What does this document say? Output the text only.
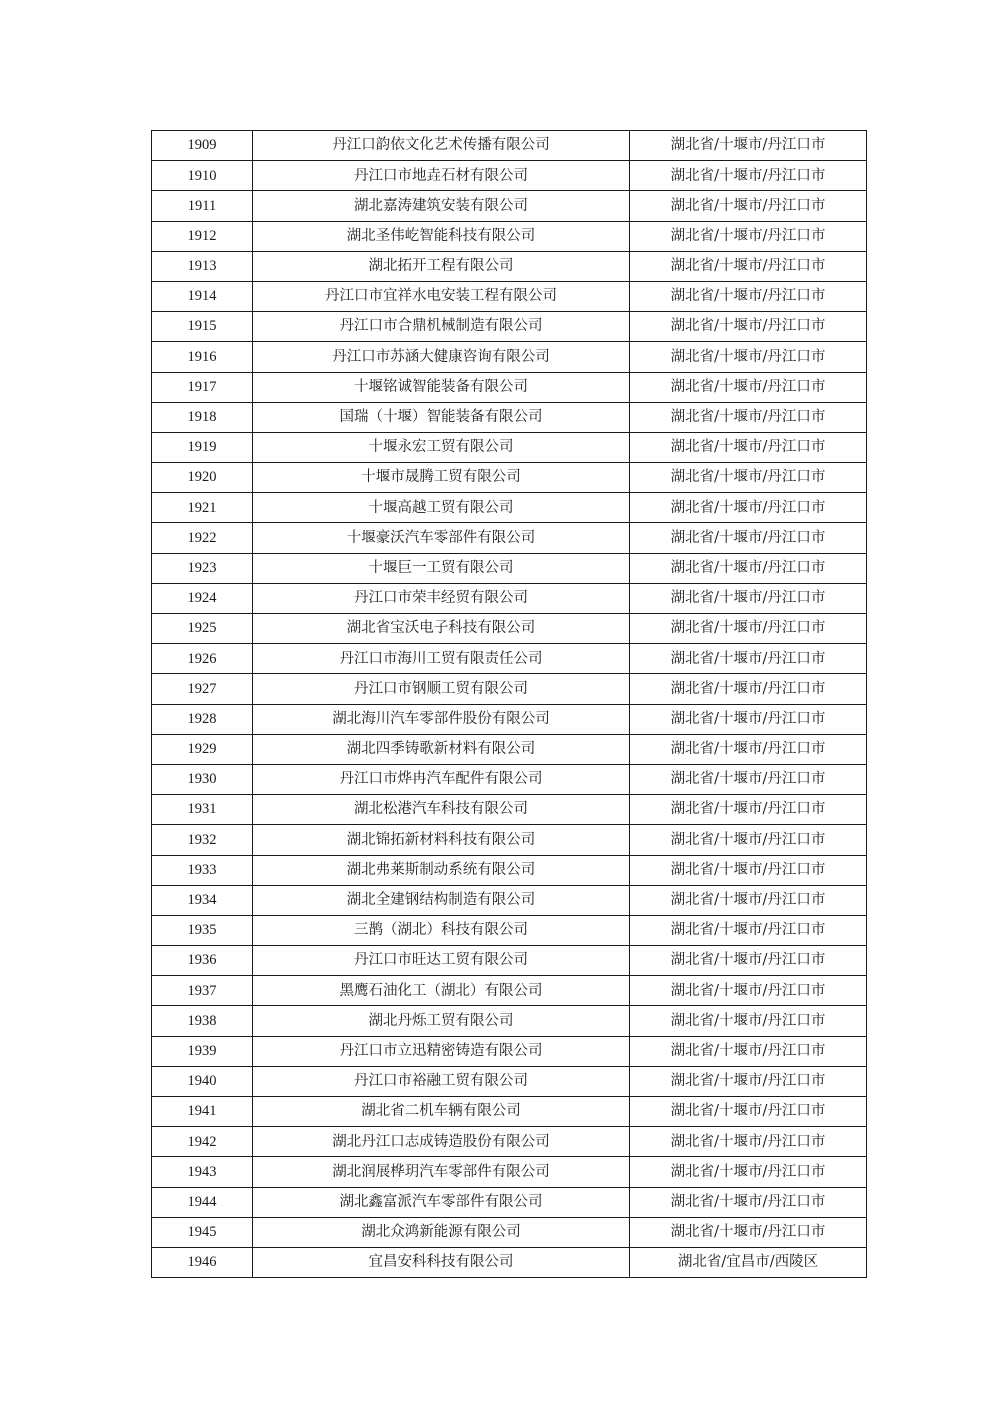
1909	丹江口韵依文化艺术传播有限公司	湖北省/十堰市/丹江口市
1910	丹江口市地垚石材有限公司	湖北省/十堰市/丹江口市
1911	湖北嘉涛建筑安装有限公司	湖北省/十堰市/丹江口市
1912	湖北圣伟屹智能科技有限公司	湖北省/十堰市/丹江口市
1913	湖北拓开工程有限公司	湖北省/十堰市/丹江口市
1914	丹江口市宜祥水电安装工程有限公司	湖北省/十堰市/丹江口市
1915	丹江口市合鼎机械制造有限公司	湖北省/十堰市/丹江口市
1916	丹江口市苏涵大健康咨询有限公司	湖北省/十堰市/丹江口市
1917	十堰铭诚智能装备有限公司	湖北省/十堰市/丹江口市
1918	国瑞（十堰）智能装备有限公司	湖北省/十堰市/丹江口市
1919	十堰永宏工贸有限公司	湖北省/十堰市/丹江口市
1920	十堰市晟腾工贸有限公司	湖北省/十堰市/丹江口市
1921	十堰高越工贸有限公司	湖北省/十堰市/丹江口市
1922	十堰豪沃汽车零部件有限公司	湖北省/十堰市/丹江口市
1923	十堰巨一工贸有限公司	湖北省/十堰市/丹江口市
1924	丹江口市荣丰经贸有限公司	湖北省/十堰市/丹江口市
1925	湖北省宝沃电子科技有限公司	湖北省/十堰市/丹江口市
1926	丹江口市海川工贸有限责任公司	湖北省/十堰市/丹江口市
1927	丹江口市钢顺工贸有限公司	湖北省/十堰市/丹江口市
1928	湖北海川汽车零部件股份有限公司	湖北省/十堰市/丹江口市
1929	湖北四季铸歌新材料有限公司	湖北省/十堰市/丹江口市
1930	丹江口市烨冉汽车配件有限公司	湖北省/十堰市/丹江口市
1931	湖北松港汽车科技有限公司	湖北省/十堰市/丹江口市
1932	湖北锦拓新材料科技有限公司	湖北省/十堰市/丹江口市
1933	湖北弗莱斯制动系统有限公司	湖北省/十堰市/丹江口市
1934	湖北全建钢结构制造有限公司	湖北省/十堰市/丹江口市
1935	三鹊（湖北）科技有限公司	湖北省/十堰市/丹江口市
1936	丹江口市旺达工贸有限公司	湖北省/十堰市/丹江口市
1937	黑鹰石油化工（湖北）有限公司	湖北省/十堰市/丹江口市
1938	湖北丹烁工贸有限公司	湖北省/十堰市/丹江口市
1939	丹江口市立迅精密铸造有限公司	湖北省/十堰市/丹江口市
1940	丹江口市裕融工贸有限公司	湖北省/十堰市/丹江口市
1941	湖北省二机车辆有限公司	湖北省/十堰市/丹江口市
1942	湖北丹江口志成铸造股份有限公司	湖北省/十堰市/丹江口市
1943	湖北润展桦玥汽车零部件有限公司	湖北省/十堰市/丹江口市
1944	湖北鑫富派汽车零部件有限公司	湖北省/十堰市/丹江口市
1945	湖北众鸿新能源有限公司	湖北省/十堰市/丹江口市
1946	宜昌安科科技有限公司	湖北省/宜昌市/西陵区
